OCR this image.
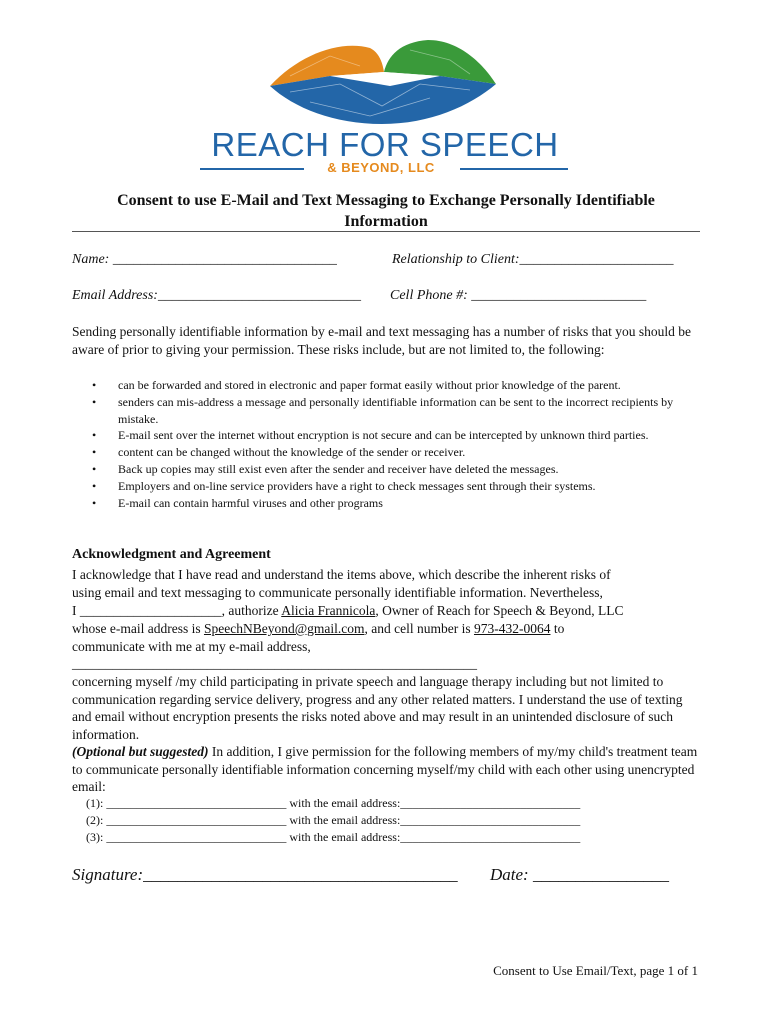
REACH FOR SPEECH
& BEYOND, LLC
Consent to use E-Mail and Text Messaging to Exchange Personally Identifiable
Information
Name: ________________________________	Relationship to Client:______________________
Email Address:_____________________________ Cell Phone #: _________________________
Sending personally identifiable information by e-mail and text messaging has a number of risks that you should be aware of prior to giving your permission. These risks include, but are not limited to, the following:
• can be forwarded and stored in electronic and paper format easily without prior knowledge of the parent.
• senders can mis-address a message and personally identifiable information can be sent to the incorrect recipients by mistake.
• E-mail sent over the internet without encryption is not secure and can be intercepted by unknown third parties.
• content can be changed without the knowledge of the sender or receiver.
• Back up copies may still exist even after the sender and receiver have deleted the messages.
• Employers and on-line service providers have a right to check messages sent through their systems.
• E-mail can contain harmful viruses and other programs
Acknowledgment and Agreement
I acknowledge that I have read and understand the items above, which describe the inherent risks of
using email and text messaging to communicate personally identifiable information. Nevertheless,
I _____________________, authorize Alicia Frannicola, Owner of Reach for Speech & Beyond, LLC
whose e-mail address is SpeechNBeyond@gmail.com, and cell number is 973-432-0064 to
communicate with me at my e-mail address,
____________________________________________________________
concerning myself /my child participating in private speech and language therapy including but not limited to communication regarding service delivery, progress and any other related matters. I understand the use of texting and email without encryption presents the risks noted above and may result in an unintended disclosure of such information.
(Optional but suggested) In addition, I give permission for the following members of my/my child's treatment team to communicate personally identifiable information concerning myself/my child with each other using unencrypted email:
(1): ______________________________ with the email address:______________________________
(2): ______________________________ with the email address:______________________________
(3): ______________________________ with the email address:______________________________
Signature:_____________________________________ Date: ________________
Consent to Use Email/Text, page 1 of 1
